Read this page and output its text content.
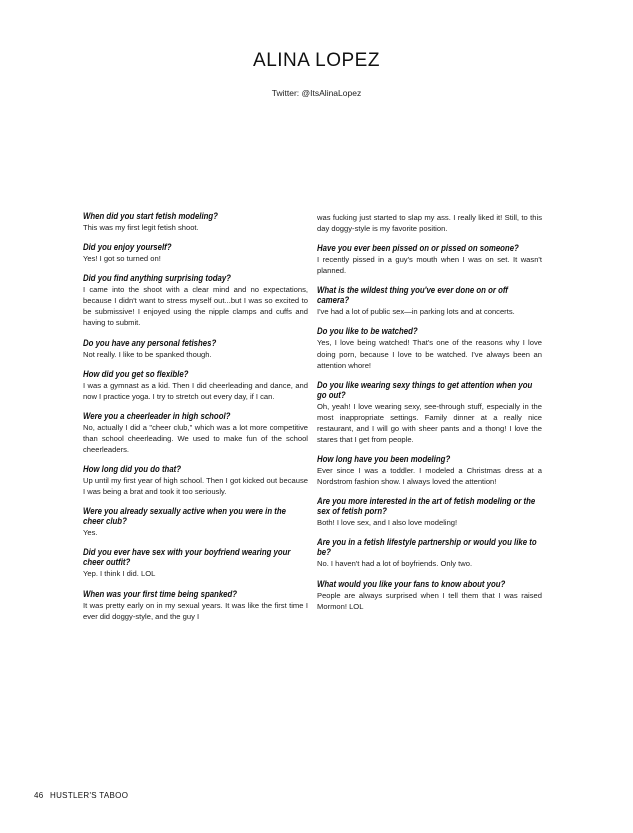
ALINA LOPEZ
Twitter: @ItsAlinaLopez
When did you start fetish modeling?
This was my first legit fetish shoot.
Did you enjoy yourself?
Yes! I got so turned on!
Did you find anything surprising today?
I came into the shoot with a clear mind and no expectations, because I didn't want to stress myself out...but I was so excited to be submissive! I enjoyed using the nipple clamps and cuffs and having to submit.
Do you have any personal fetishes?
Not really. I like to be spanked though.
How did you get so flexible?
I was a gymnast as a kid. Then I did cheerleading and dance, and now I practice yoga. I try to stretch out every day, if I can.
Were you a cheerleader in high school?
No, actually I did a "cheer club," which was a lot more competitive than school cheerleading. We used to make fun of the school cheerleaders.
How long did you do that?
Up until my first year of high school. Then I got kicked out because I was being a brat and took it too seriously.
Were you already sexually active when you were in the cheer club?
Yes.
Did you ever have sex with your boyfriend wearing your cheer outfit?
Yep. I think I did. LOL
When was your first time being spanked?
It was pretty early on in my sexual years. It was like the first time I ever did doggy-style, and the guy I
was fucking just started to slap my ass. I really liked it! Still, to this day doggy-style is my favorite position.
Have you ever been pissed on or pissed on someone?
I recently pissed in a guy's mouth when I was on set. It wasn't planned.
What is the wildest thing you've ever done on or off camera?
I've had a lot of public sex—in parking lots and at concerts.
Do you like to be watched?
Yes, I love being watched! That's one of the reasons why I love doing porn, because I love to be watched. I've always been an attention whore!
Do you like wearing sexy things to get attention when you go out?
Oh, yeah! I love wearing sexy, see-through stuff, especially in the most inappropriate settings. Family dinner at a really nice restaurant, and I will go with sheer pants and a thong! I love the stares that I get from people.
How long have you been modeling?
Ever since I was a toddler. I modeled a Christmas dress at a Nordstrom fashion show. I always loved the attention!
Are you more interested in the art of fetish modeling or the sex of fetish porn?
Both! I love sex, and I also love modeling!
Are you in a fetish lifestyle partnership or would you like to be?
No. I haven't had a lot of boyfriends. Only two.
What would you like your fans to know about you?
People are always surprised when I tell them that I was raised Mormon! LOL
46 HUSTLER'S TABOO
